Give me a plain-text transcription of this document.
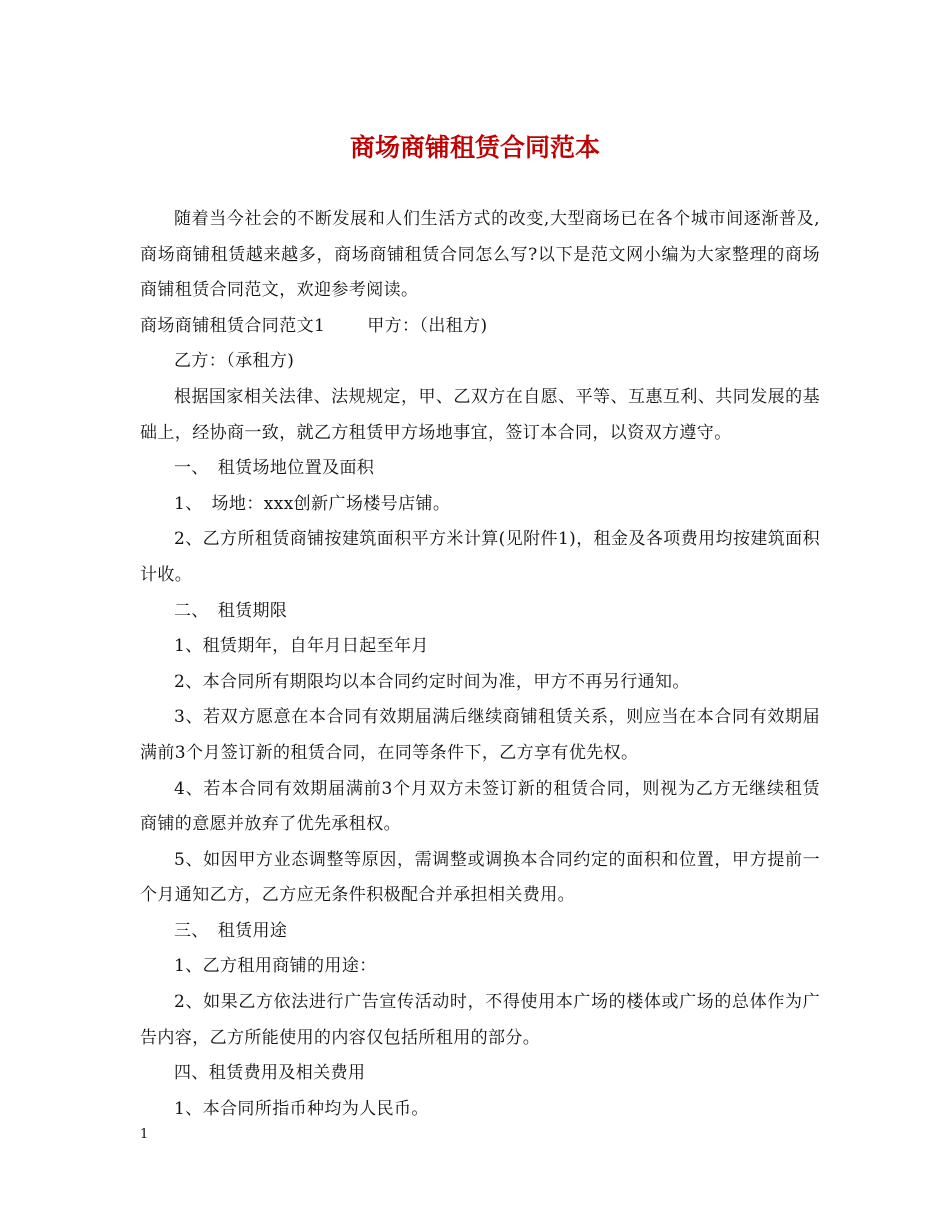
商场商铺租赁合同范本

随着当今社会的不断发展和人们生活方式的改变,大型商场已在各个城市间逐渐普及,商场商铺租赁越来越多，商场商铺租赁合同怎么写?以下是范文网小编为大家整理的商场商铺租赁合同范文，欢迎参考阅读。

商场商铺租赁合同范文1 甲方：（出租方)

乙方：（承租方)

根据国家相关法律、法规规定，甲、乙双方在自愿、平等、互惠互利、共同发展的基础上，经协商一致，就乙方租赁甲方场地事宜，签订本合同，以资双方遵守。

一、　租赁场地位置及面积

1、　场地：xxx创新广场楼号店铺。

2、乙方所租赁商铺按建筑面积平方米计算(见附件1)，租金及各项费用均按建筑面积计收。

二、　租赁期限

1、租赁期年，自年月日起至年月

2、本合同所有期限均以本合同约定时间为准，甲方不再另行通知。

3、若双方愿意在本合同有效期届满后继续商铺租赁关系，则应当在本合同有效期届满前3个月签订新的租赁合同，在同等条件下，乙方享有优先权。

4、若本合同有效期届满前3个月双方未签订新的租赁合同，则视为乙方无继续租赁商铺的意愿并放弃了优先承租权。

5、如因甲方业态调整等原因，需调整或调换本合同约定的面积和位置，甲方提前一个月通知乙方，乙方应无条件积极配合并承担相关费用。

三、　租赁用途

1、乙方租用商铺的用途：

2、如果乙方依法进行广告宣传活动时，不得使用本广场的楼体或广场的总体作为广告内容，乙方所能使用的内容仅包括所租用的部分。

四、租赁费用及相关费用

1、本合同所指币种均为人民币。

1
